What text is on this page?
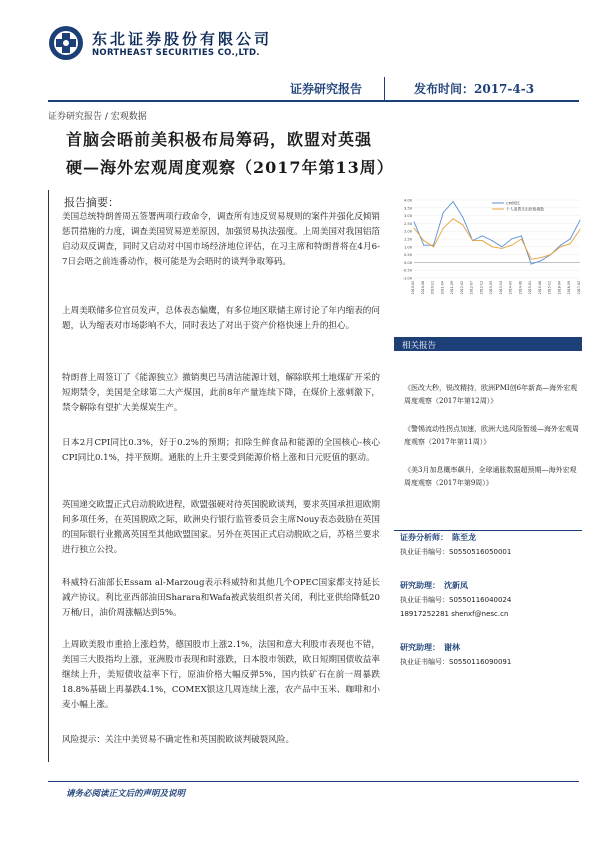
东北证券股份有限公司
NORTHEAST SECURITIES CO.,LTD.
证券研究报告	发布时间：2017-4-3
证券研究报告 / 宏观数据
首脑会晤前美积极布局筹码，欧盟对英强
硬—海外宏观周度观察（2017年第13周）
报告摘要：
美国总统特朗普周五签署两项行政命令，调查所有违反贸易规则的案件并强化反倾销惩罚措施的力度，调查美国贸易逆差原因，加强贸易执法强度。上周美国对我国铝箔启动双反调查，同时又启动对中国市场经济地位评估，在习主席和特朗普将在4月6-7日会晤之前连番动作，极可能是为会晤时的谈判争取筹码。
上周美联储多位官员发声，总体表态偏鹰，有多位地区联储主席讨论了年内缩表的问题，认为缩表对市场影响不大，同时表达了对出于资产价格快速上升的担心。
特朗普上周签订了《能源独立》撤销奥巴马清洁能源计划，解除联邦土地煤矿开采的短期禁令，美国是全球第二大产煤国，此前8年产量连续下降，在煤价上涨刺激下，禁令解除有望扩大美煤炭生产。
日本2月CPI同比0.3%，好于0.2%的预期；扣除生鲜食品和能源的全国核心-核心CPI同比0.1%，持平预期。通胀的上升主要受到能源价格上涨和日元贬值的驱动。
英国递交欧盟正式启动脱欧进程，欧盟强硬对待英国脱欧谈判，要求英国承担退欧期间多项任务，在英国脱欧之际，欧洲央行银行监管委员会主席Nouy表态鼓励在英国的国际银行业搬离英国至其他欧盟国家。另外在英国正式启动脱欧之后，苏格兰要求进行独立公投。
科威特石油部长Essam al-Marzoug表示科威特和其他几个OPEC国家都支持延长减产协议。利比亚西部油田Sharara和Wafa被武装组织者关闭，利比亚供给降低20万桶/日，油价周涨幅达到5%。
上周欧美股市重拾上涨趋势，德国股市上涨2.1%，法国和意大利股市表现也不错，美国三大股指均上涨，亚洲股市表现和时涨跌，日本股市领跌，欧日短期国债收益率继续上升，美短债收益率下行，原油价格大幅反弹5%，国内铁矿石在前一周暴跌18.8%基础上再暴跌4.1%，COMEX银这几周连续上涨，农产品中玉米、咖啡和小麦小幅上涨。
风险提示：关注中美贸易不确定性和英国脱欧谈判破裂风险。
4.00
3.50
3.00
2.50
2.00
1.50
1.00
0.50
0.00
-0.50
-1.00
2010-01 2010-06 2010-11 2011-04 2011-09 2012-02 2012-07 2012-12 2013-05 2013-10 2014-03 2014-08 2015-01 2015-06 2015-11 2016-04 2016-09 2017-02
CPI同比
个人消费支出价格指数
相关报告
《医改大秒，锐改精持，欧洲PMI创6年新高—海外宏观周度观察（2017年第12周）》
《警惕流动性拐点加速，欧洲大选风险暂缓—海外宏观周度观察（2017年第11周）》
《美3月加息概率飙升，全球通胀数据超预期—海外宏观周度观察（2017年第9周）》
证券分析师： 陈至龙
执业证书编号：S0550516050001
研究助理： 沈新凤
执业证书编号：S0550116040024
18917252281 shenxf@nesc.cn
研究助理： 谢林
执业证书编号：S0550116090091
请务必阅读正文后的声明及说明
